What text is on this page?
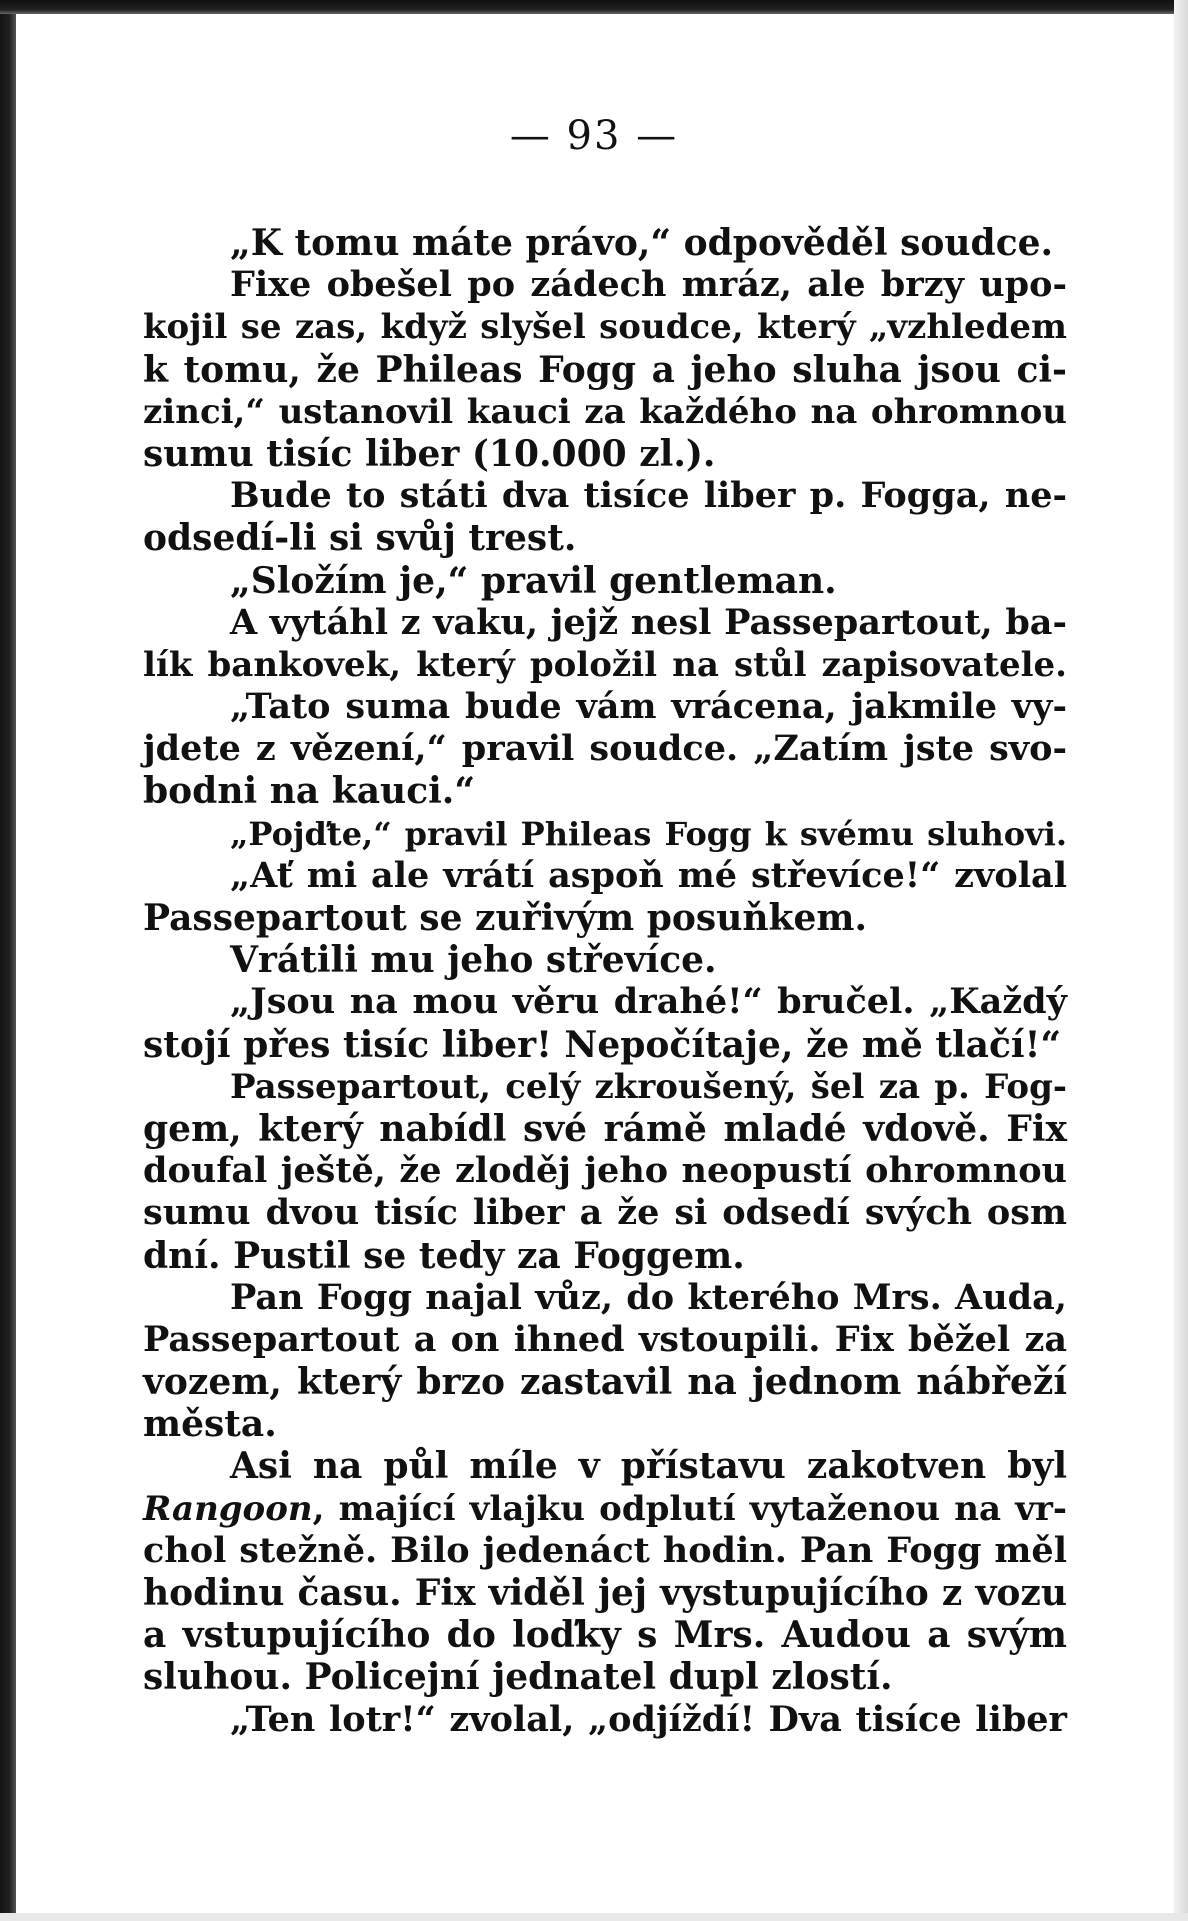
— 93 —
„K tomu máte právo,“ odpověděl soudce.
Fixe obešel po zádech mráz, ale brzy upo-
kojil se zas, když slyšel soudce, který „vzhledem
k tomu, že Phileas Fogg a jeho sluha jsou ci-
zinci,“ ustanovil kauci za každého na ohromnou
sumu tisíc liber (10.000 zl.).
Bude to státi dva tisíce liber p. Fogga, ne-
odsedí-li si svůj trest.
„Složím je,“ pravil gentleman.
A vytáhl z vaku, jejž nesl Passepartout, ba-
lík bankovek, který položil na stůl zapisovatele.
„Tato suma bude vám vrácena, jakmile vy-
jdete z vězení,“ pravil soudce. „Zatím jste svo-
bodni na kauci.“
„Pojďte,“ pravil Phileas Fogg k svému sluhovi.
„Ať mi ale vrátí aspoň mé střevíce!“ zvolal
Passepartout se zuřivým posuňkem.
Vrátili mu jeho střevíce.
„Jsou na mou věru drahé!“ bručel. „Každý
stojí přes tisíc liber! Nepočítaje, že mě tlačí!“
Passepartout, celý zkroušený, šel za p. Fog-
gem, který nabídl své rámě mladé vdově. Fix
doufal ještě, že zloděj jeho neopustí ohromnou
sumu dvou tisíc liber a že si odsedí svých osm
dní. Pustil se tedy za Foggem.
Pan Fogg najal vůz, do kterého Mrs. Auda,
Passepartout a on ihned vstoupili. Fix běžel za
vozem, který brzo zastavil na jednom nábřeží
města.
Asi na půl míle v přístavu zakotven byl
Rangoon, mající vlajku odplutí vytaženou na vr-
chol stežně. Bilo jedenáct hodin. Pan Fogg měl
hodinu času. Fix viděl jej vystupujícího z vozu
a vstupujícího do loďky s Mrs. Audou a svým
sluhou. Policejní jednatel dupl zlostí.
„Ten lotr!“ zvolal, „odjíždí! Dva tisíce liber
